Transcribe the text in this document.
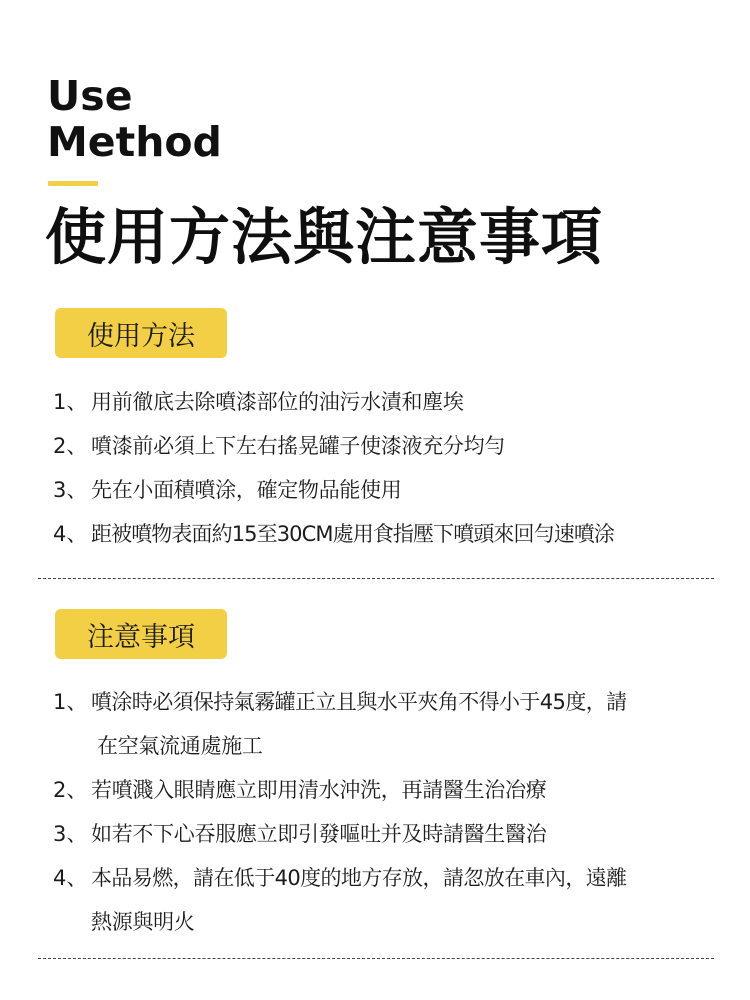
Use
Method
使用方法與注意事項
使用方法
1、 用前徹底去除噴漆部位的油污水漬和塵埃
2、 噴漆前必須上下左右搖晃罐子使漆液充分均勻
3、 先在小面積噴涂，確定物品能使用
4、 距被噴物表面約15至30CM處用食指壓下噴頭來回勻速噴涂
注意事項
1、 噴涂時必須保持氣霧罐正立且與水平夾角不得小于45度，請
在空氣流通處施工
2、 若噴濺入眼睛應立即用清水沖洗，再請醫生治冶療
3、 如若不下心吞服應立即引發嘔吐并及時請醫生醫治
4、 本品易燃，請在低于40度的地方存放，請忽放在車內，遠離
熱源與明火
